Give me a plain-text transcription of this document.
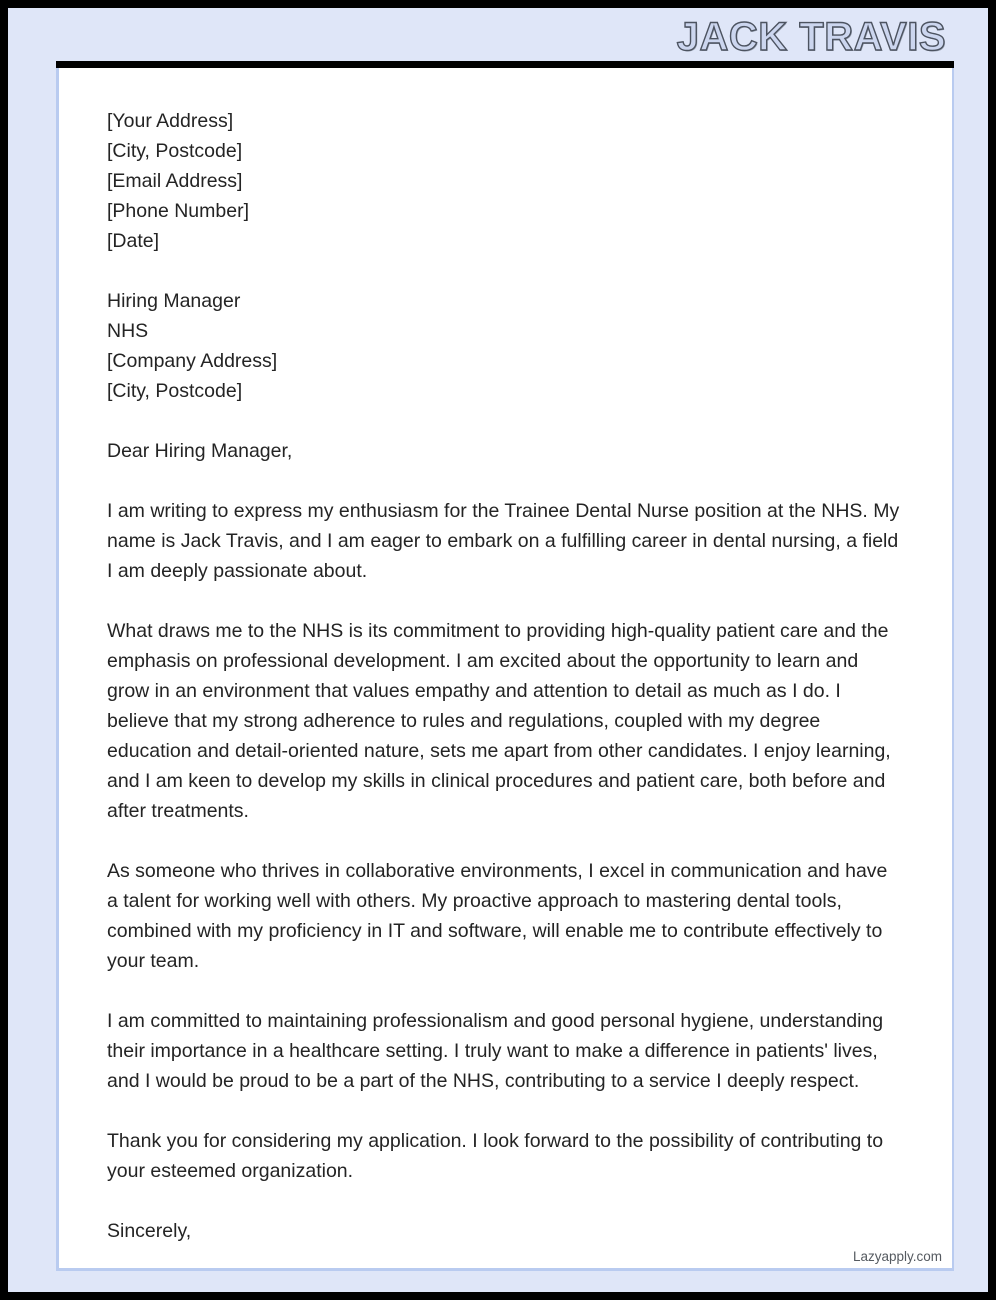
JACK TRAVIS
[Your Address]
[City, Postcode]
[Email Address]
[Phone Number]
[Date]
Hiring Manager
NHS
[Company Address]
[City, Postcode]
Dear Hiring Manager,

I am writing to express my enthusiasm for the Trainee Dental Nurse position at the NHS. My name is Jack Travis, and I am eager to embark on a fulfilling career in dental nursing, a field I am deeply passionate about.

What draws me to the NHS is its commitment to providing high-quality patient care and the emphasis on professional development. I am excited about the opportunity to learn and grow in an environment that values empathy and attention to detail as much as I do. I believe that my strong adherence to rules and regulations, coupled with my degree education and detail-oriented nature, sets me apart from other candidates. I enjoy learning, and I am keen to develop my skills in clinical procedures and patient care, both before and after treatments.

As someone who thrives in collaborative environments, I excel in communication and have a talent for working well with others. My proactive approach to mastering dental tools, combined with my proficiency in IT and software, will enable me to contribute effectively to your team.

I am committed to maintaining professionalism and good personal hygiene, understanding their importance in a healthcare setting. I truly want to make a difference in patients' lives, and I would be proud to be a part of the NHS, contributing to a service I deeply respect.

Thank you for considering my application. I look forward to the possibility of contributing to your esteemed organization.

Sincerely,
Lazyapply.com
